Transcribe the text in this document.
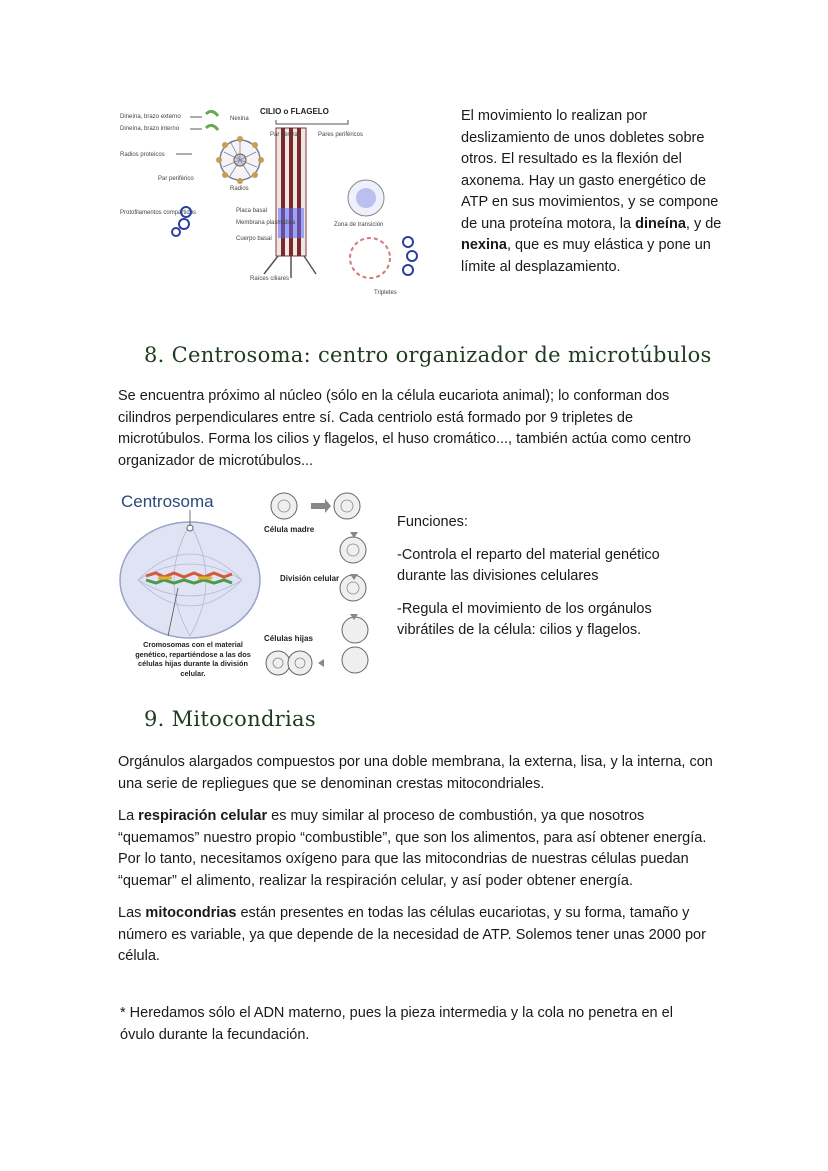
CILIO o FLAGELO
Dineína, brazo externo
Dineína, brazo interno
Nexina
Radios proteicos
Par periférico
Radios
Protofilamentos compartidos
Par central	Pares periféricos
Placa basal
Membrana plasmática
Cuerpo basal
Zona de transición
Raíces ciliares
Tripletes
El movimiento lo realizan por deslizamiento de unos dobletes sobre otros. El resultado es la flexión del axonema. Hay un gasto energético de ATP en sus movimientos, y se compone de una proteína motora, la dineína, y de nexina, que es muy elástica y pone un límite al desplazamiento.
8. Centrosoma: centro organizador de microtúbulos
Se encuentra próximo al núcleo (sólo en la célula eucariota animal); lo conforman dos cilindros perpendiculares entre sí. Cada centriolo está formado por 9 tripletes de microtúbulos. Forma los cilios y flagelos, el huso cromático..., también actúa como centro organizador de microtúbulos...
Centrosoma
Cromosomas con el material genético, repartiéndose a las dos células hijas durante la división celular.
Célula madre
División celular
Células hijas

Funciones:

-Controla el reparto del material genético durante las divisiones celulares

-Regula el movimiento de los orgánulos vibrátiles de la célula: cilios y flagelos.

9. Mitocondrias

Orgánulos alargados compuestos por una doble membrana, la externa, lisa, y la interna, con una serie de repliegues que se denominan crestas mitocondriales.

La respiración celular es muy similar al proceso de combustión, ya que nosotros “quemamos” nuestro propio “combustible”, que son los alimentos, para así obtener energía. Por lo tanto, necesitamos oxígeno para que las mitocondrias de nuestras células puedan “quemar” el alimento, realizar la respiración celular, y así poder obtener energía.

Las mitocondrias están presentes en todas las células eucariotas, y su forma, tamaño y número es variable, ya que depende de la necesidad de ATP. Solemos tener unas 2000 por célula.

* Heredamos sólo el ADN materno, pues la pieza intermedia y la cola no penetra en el óvulo durante la fecundación.
